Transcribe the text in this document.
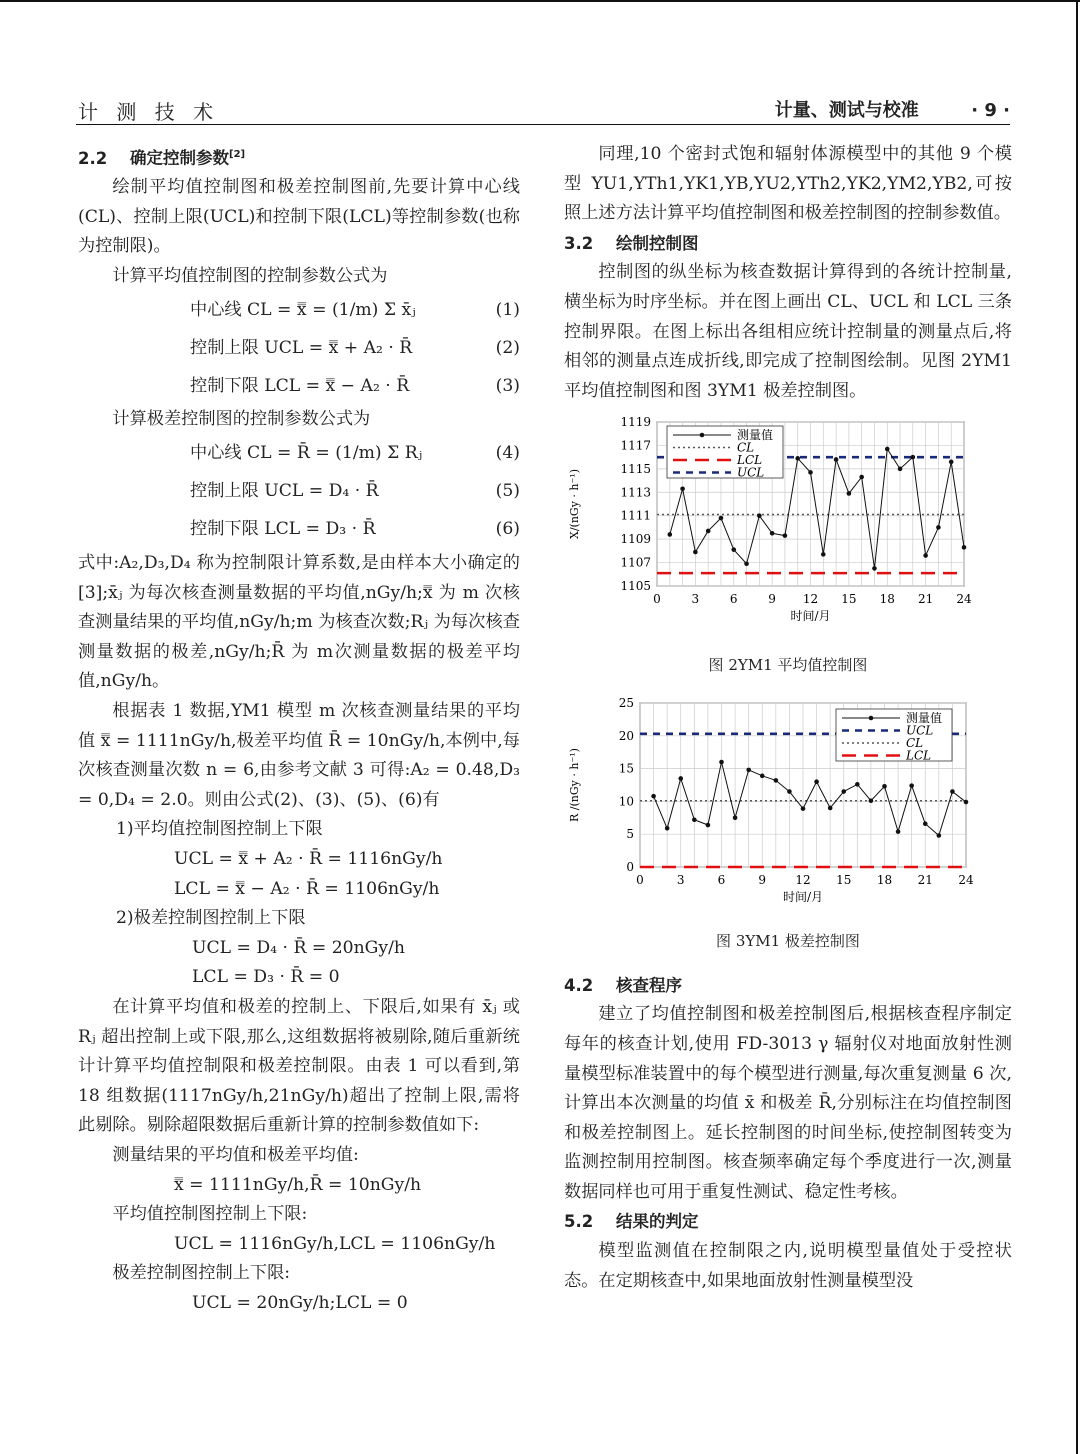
计 测 技 术	计量、测试与校准	· 9 ·

2.2 确定控制参数[2]

绘制平均值控制图和极差控制图前,先要计算中心线(CL)、控制上限(UCL)和控制下限(LCL)等控制参数(也称为控制限)。

计算平均值控制图的控制参数公式为

中心线 CL = x̿ = (1/m) Σ x̄ⱼ	(1)
控制上限 UCL = x̿ + A₂ · R̄	(2)
控制下限 LCL = x̿ − A₂ · R̄	(3)

计算极差控制图的控制参数公式为

中心线 CL = R̄ = (1/m) Σ Rⱼ	(4)
控制上限 UCL = D₄ · R̄	(5)
控制下限 LCL = D₃ · R̄	(6)

式中:A₂,D₃,D₄ 称为控制限计算系数,是由样本大小确定的[3];x̄ⱼ 为每次核查测量数据的平均值,nGy/h;x̿ 为 m 次核查测量结果的平均值,nGy/h;m 为核查次数;Rⱼ 为每次核查测量数据的极差,nGy/h;R̄ 为 m次测量数据的极差平均值,nGy/h。

根据表 1 数据,YM1 模型 m 次核查测量结果的平均值 x̿ = 1111nGy/h,极差平均值 R̄ = 10nGy/h,本例中,每次核查测量次数 n = 6,由参考文献 3 可得:A₂ = 0.48,D₃ = 0,D₄ = 2.0。则由公式(2)、(3)、(5)、(6)有

1)平均值控制图控制上下限

UCL = x̿ + A₂ · R̄ = 1116nGy/h

LCL = x̿ − A₂ · R̄ = 1106nGy/h

2)极差控制图控制上下限

UCL = D₄ · R̄ = 20nGy/h

LCL = D₃ · R̄ = 0

在计算平均值和极差的控制上、下限后,如果有 x̄ⱼ 或 Rⱼ 超出控制上或下限,那么,这组数据将被剔除,随后重新统计计算平均值控制限和极差控制限。由表 1 可以看到,第 18 组数据(1117nGy/h,21nGy/h)超出了控制上限,需将此剔除。剔除超限数据后重新计算的控制参数值如下:

测量结果的平均值和极差平均值:

x̿ = 1111nGy/h,R̄ = 10nGy/h

平均值控制图控制上下限:

UCL = 1116nGy/h,LCL = 1106nGy/h

极差控制图控制上下限:

UCL = 20nGy/h;LCL = 0

同理,10 个密封式饱和辐射体源模型中的其他 9 个模型 YU1,YTh1,YK1,YB,YU2,YTh2,YK2,YM2,YB2,可按照上述方法计算平均值控制图和极差控制图的控制参数值。

3.2 绘制控制图

控制图的纵坐标为核查数据计算得到的各统计控制量,横坐标为时序坐标。并在图上画出 CL、UCL 和 LCL 三条控制界限。在图上标出各组相应统计控制量的测量点后,将相邻的测量点连成折线,即完成了控制图绘制。见图 2YM1 平均值控制图和图 3YM1 极差控制图。

1105
1107
1109
1111
1113
1115
1117
1119
0	3	6	9 12 15 18 21 24
时间/月
X/(nGy · h⁻¹)
测量值
CL
LCL
UCL
图 2YM1 平均值控制图
0
5
10
15
20
25
0	3	6	9 12 15 18 21 24
时间/月
R /(nGy · h⁻¹)
测量值
UCL
CL
LCL
图 3YM1 极差控制图

4.2 核查程序

建立了均值控制图和极差控制图后,根据核查程序制定每年的核查计划,使用 FD-3013 γ 辐射仪对地面放射性测量模型标准装置中的每个模型进行测量,每次重复测量 6 次,计算出本次测量的均值 x̄ 和极差 R̄,分别标注在均值控制图和极差控制图上。延长控制图的时间坐标,使控制图转变为监测控制用控制图。核查频率确定每个季度进行一次,测量数据同样也可用于重复性测试、稳定性考核。

5.2 结果的判定

模型监测值在控制限之内,说明模型量值处于受控状态。在定期核查中,如果地面放射性测量模型没
